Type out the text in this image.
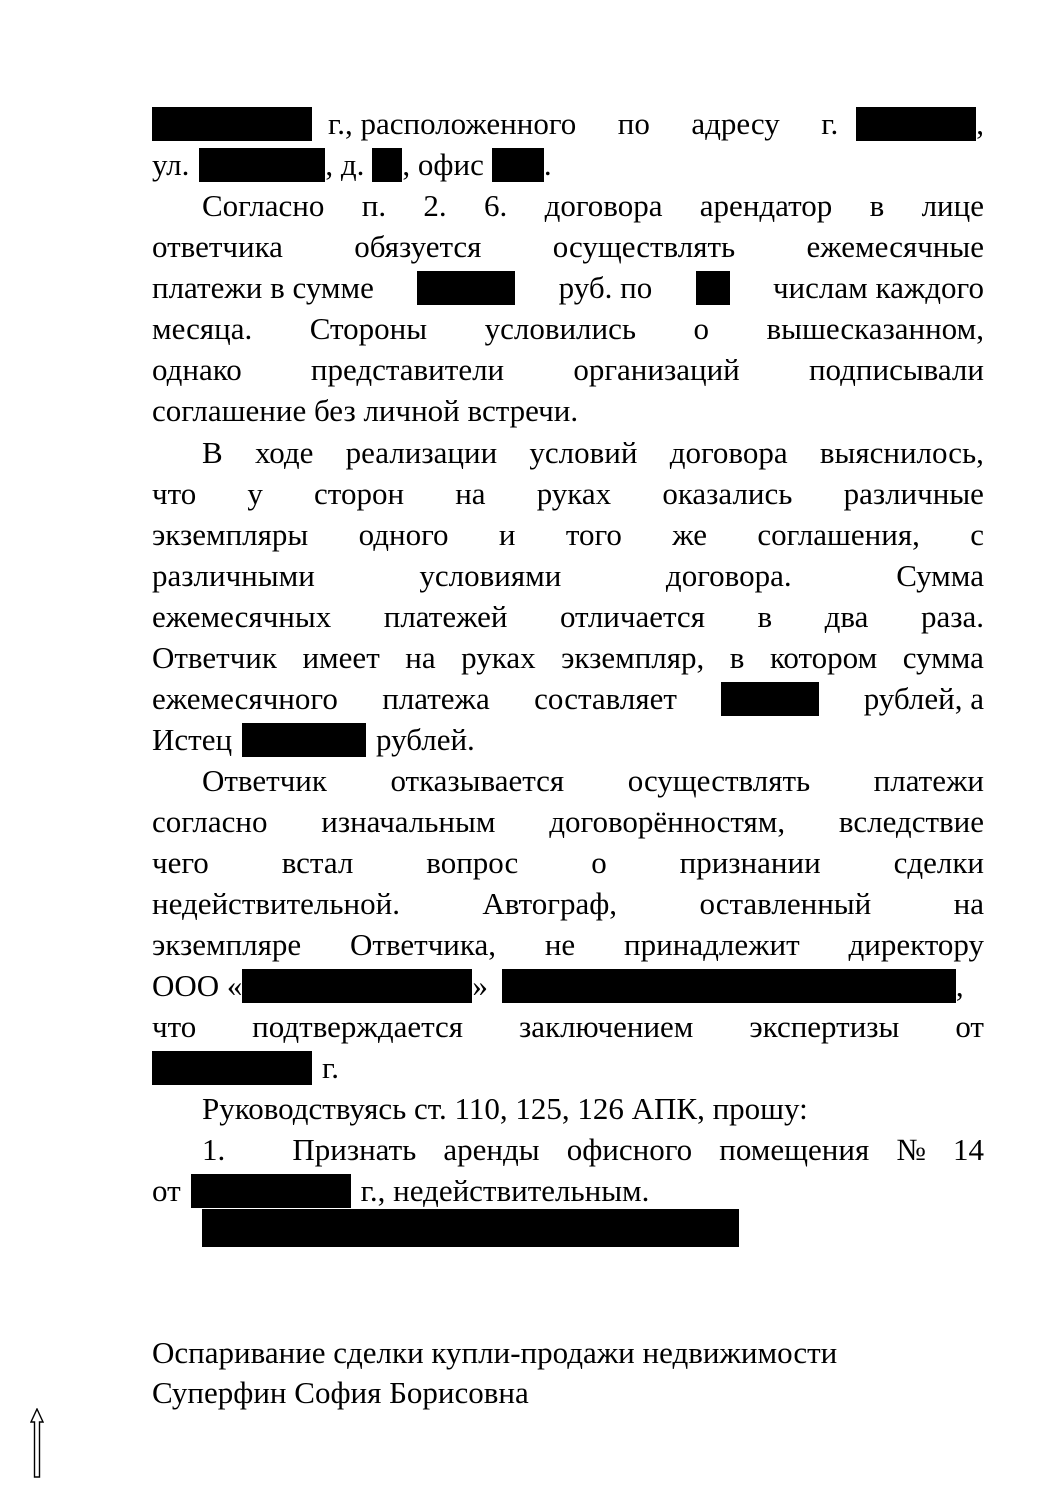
г., расположенного по адресу г.	,
ул.	, д. , офис .
Согласно п. 2. 6. договора арендатор в лице
ответчика обязуется осуществлять ежемесячные
платежи в сумме	руб. по	числам каждого
месяца. Стороны условились о вышесказанном,
однако представители организаций подписывали
соглашение без личной встречи.
В ходе реализации условий договора выяснилось,
что у сторон на руках оказались различные
экземпляры одного и того же соглашения, с
различными	условиями	договора.	Сумма
ежемесячных платежей отличается в два раза.
Ответчик имеет на руках экземпляр, в котором сумма
ежемесячного платежа составляет	рублей, а
Истец	рублей.
Ответчик отказывается осуществлять платежи
согласно изначальным договорённостям, вследствие
чего встал вопрос о признании сделки
недействительной.	Автограф,	оставленный	на
экземпляре Ответчика, не принадлежит директору
ООО «	»	,
что подтверждается заключением экспертизы от
г.
Руководствуясь ст. 110, 125, 126 АПК, прошу:
1. Признать аренды офисного помещения № 14
от	г., недействительным.
Оспаривание сделки купли-продажи недвижимости
Суперфин София Борисовна
